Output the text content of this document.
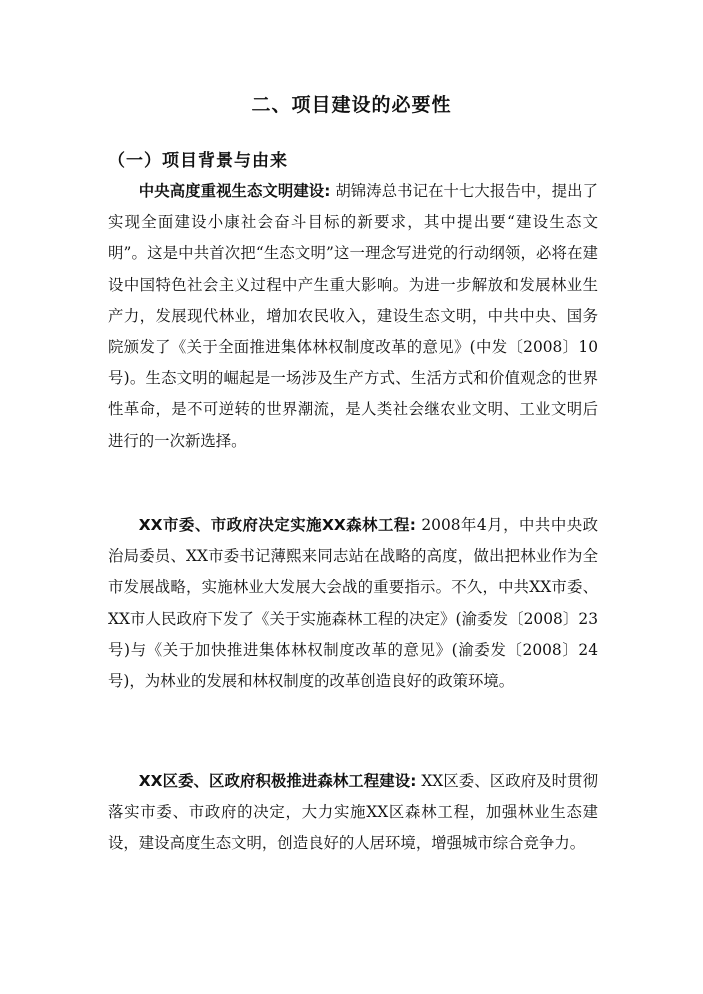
二、项目建设的必要性
（一）项目背景与由来

中央高度重视生态文明建设: 胡锦涛总书记在十七大报告中，提出了实现全面建设小康社会奋斗目标的新要求，其中提出要“建设生态文明”。这是中共首次把“生态文明”这一理念写进党的行动纲领，必将在建设中国特色社会主义过程中产生重大影响。为进一步解放和发展林业生产力，发展现代林业，增加农民收入，建设生态文明，中共中央、国务院颁发了《关于全面推进集体林权制度改革的意见》(中发〔2008〕10号)。生态文明的崛起是一场涉及生产方式、生活方式和价值观念的世界性革命，是不可逆转的世界潮流，是人类社会继农业文明、工业文明后进行的一次新选择。

XX市委、市政府决定实施XX森林工程: 2008年4月，中共中央政治局委员、XX市委书记薄熙来同志站在战略的高度，做出把林业作为全市发展战略，实施林业大发展大会战的重要指示。不久，中共XX市委、XX市人民政府下发了《关于实施森林工程的决定》(渝委发〔2008〕23号)与《关于加快推进集体林权制度改革的意见》(渝委发〔2008〕24号)，为林业的发展和林权制度的改革创造良好的政策环境。

XX区委、区政府积极推进森林工程建设: XX区委、区政府及时贯彻落实市委、市政府的决定，大力实施XX区森林工程，加强林业生态建设，建设高度生态文明，创造良好的人居环境，增强城市综合竞争力。
